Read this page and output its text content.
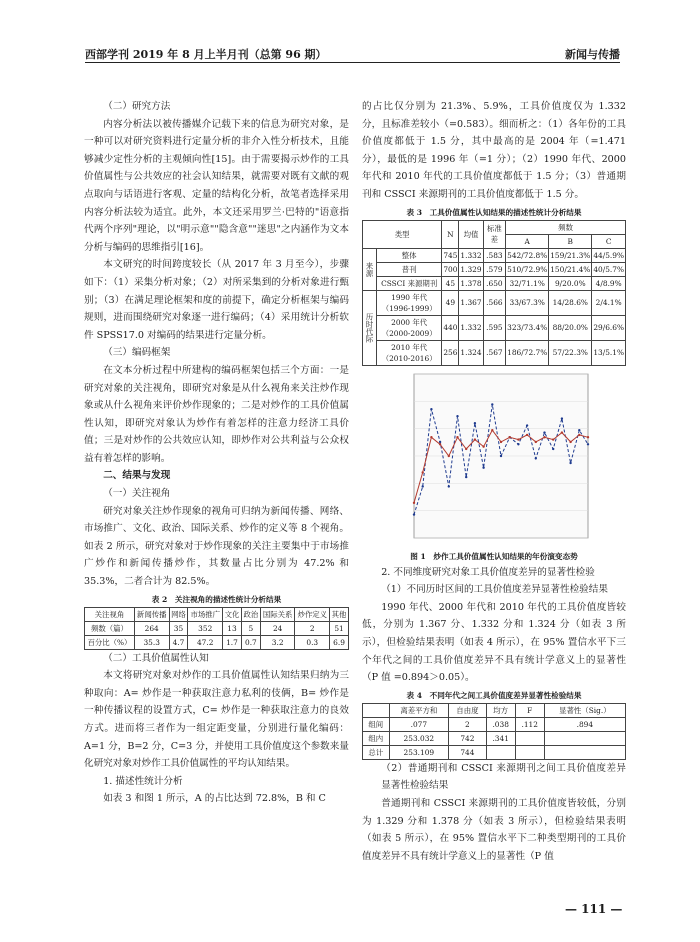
西部学刊 2019 年 8 月上半月刊（总第 96 期）	新闻与传播

（二）研究方法

内容分析法以被传播媒介记载下来的信息为研究对象，是一种可以对研究资料进行定量分析的非介入性分析技术，且能够减少定性分析的主观倾向性[15]。由于需要揭示炒作的工具价值属性与公共效应的社会认知结果，就需要对既有文献的观点取向与话语进行客观、定量的结构化分析，故笔者选择采用内容分析法较为适宜。此外，本文还采用罗兰·巴特的"语意指代两个序列"理论，以"明示意""隐含意""迷思"之内涵作为文本分析与编码的思维指引[16]。

本文研究的时间跨度较长（从 2017 年 3 月至今），步骤如下：（1）采集分析对象；（2）对所采集到的分析对象进行甄别；（3）在满足理论框架和度的前提下，确定分析框架与编码规则，进而围绕研究对象逐一进行编码；（4）采用统计分析软件 SPSS17.0 对编码的结果进行定量分析。

（三）编码框架

在文本分析过程中所建构的编码框架包括三个方面：一是研究对象的关注视角，即研究对象是从什么视角来关注炒作现象或从什么视角来评价炒作现象的；二是对炒作的工具价值属性认知，即研究对象认为炒作有着怎样的注意力经济工具价值；三是对炒作的公共效应认知，即炒作对公共利益与公众权益有着怎样的影响。

二、结果与发现

（一）关注视角

研究对象关注炒作现象的视角可归纳为新闻传播、网络、市场推广、文化、政治、国际关系、炒作的定义等 8 个视角。如表 2 所示，研究对象对于炒作现象的关注主要集中于市场推广炒作和新闻传播炒作，其数量占比分别为 47.2% 和 35.3%，二者合计为 82.5%。

表 2　关注视角的描述性统计分析结果
关注视角	新闻传播	网络	市场推广	文化	政治	国际关系	炒作定义	其他
频数（篇）	264	35	352	13	5	24	2	51
百分比（%）	35.3	4.7	47.2	1.7	0.7	3.2	0.3	6.9

（二）工具价值属性认知

本文将研究对象对炒作的工具价值属性认知结果归纳为三种取向：A= 炒作是一种获取注意力私利的伎俩，B= 炒作是一种传播议程的设置方式，C= 炒作是一种获取注意力的良效方式。进而将三者作为一组定距变量，分别进行量化编码：A=1 分，B=2 分，C=3 分，并使用工具价值度这个参数来量化研究对象对炒作工具价值属性的平均认知结果。

1. 描述性统计分析

如表 3 和图 1 所示，A 的占比达到 72.8%，B 和 C

的占比仅分别为 21.3%、5.9%，工具价值度仅为 1.332 分，且标准差较小（=0.583）。细而析之：（1）各年份的工具价值度都低于 1.5 分，其中最高的是 2004 年（=1.471 分），最低的是 1996 年（=1 分）；（2）1990 年代、2000 年代和 2010 年代的工具价值度都低于 1.5 分；（3）普通期刊和 CSSCI 来源期刊的工具价值度都低于 1.5 分。

表 3　工具价值属性认知结果的描述性统计分析结果
类型		N	均值	标准差	频数		
					A	B	C
来源	整体	745	1.332	.583	542/72.8%	159/21.3%	44/5.9%
	普刊	700	1.329	.579	510/72.9%	150/21.4%	40/5.7%
	CSSCI 来源期刊	45	1.378	.650	32/71.1%	9/20.0%	4/8.9%
历时代际	1990 年代（1996-1999）	49	1.367	.566	33/67.3%	14/28.6%	2/4.1%
	2000 年代（2000-2009）	440	1.332	.595	323/73.4%	88/20.0%	29/6.6%
	2010 年代（2010-2016）	256	1.324	.567	186/72.7%	57/22.3%	13/5.1%
图 1　炒作工具价值属性认知结果的年份演变态势

2. 不同维度研究对象工具价值度差异的显著性检验

（1）不同历时区间的工具价值度差异显著性检验结果

1990 年代、2000 年代和 2010 年代的工具价值度皆较低，分别为 1.367 分、1.332 分和 1.324 分（如表 3 所示），但检验结果表明（如表 4 所示），在 95% 置信水平下三个年代之间的工具价值度差异不具有统计学意义上的显著性（P 值 =0.894＞0.05）。

表 4　不同年代之间工具价值度差异显著性检验结果
	离差平方和	自由度	均方	F	显著性（Sig.）
组间	.077	2	.038	.112	.894
组内	253.032	742	.341		
总计	253.109	744			

（2）普通期刊和 CSSCI 来源期刊之间工具价值度差异显著性检验结果

普通期刊和 CSSCI 来源期刊的工具价值度皆较低，分别为 1.329 分和 1.378 分（如表 3 所示），但检验结果表明（如表 5 所示），在 95% 置信水平下二种类型期刊的工具价值度差异不具有统计学意义上的显著性（P 值

— 111 —
